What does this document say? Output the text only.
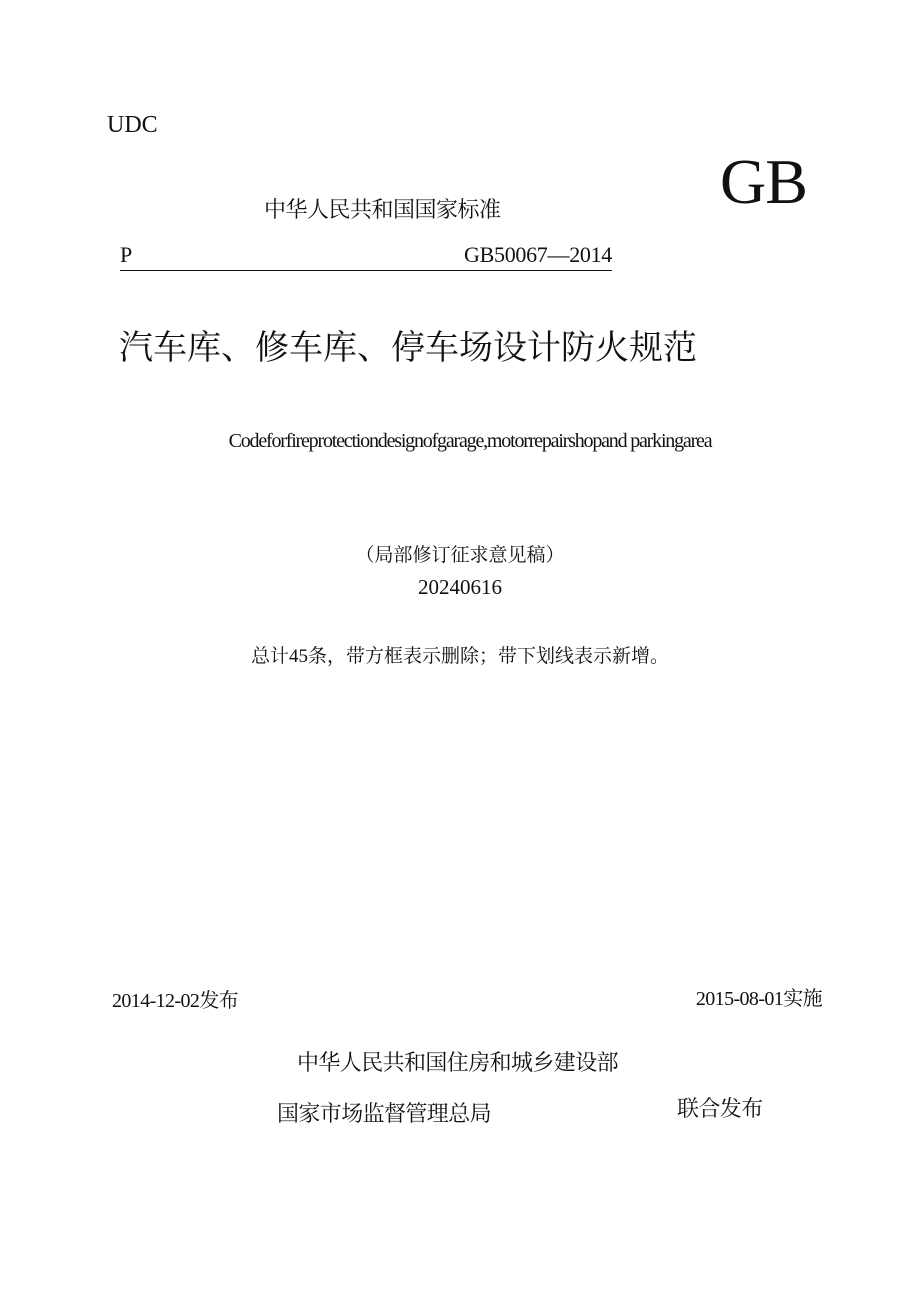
UDC
中华人民共和国国家标准	GB
P	GB50067—2014
汽车库、修车库、停车场设计防火规范
Codeforfireprotectiondesignofgarage,motorrepairshopand parkingarea
（局部修订征求意见稿）
20240616
总计45条，带方框表示删除；带下划线表示新增。
2014-12-02发布	2015-08-01实施
中华人民共和国住房和城乡建设部
国家市场监督管理总局	联合发布
